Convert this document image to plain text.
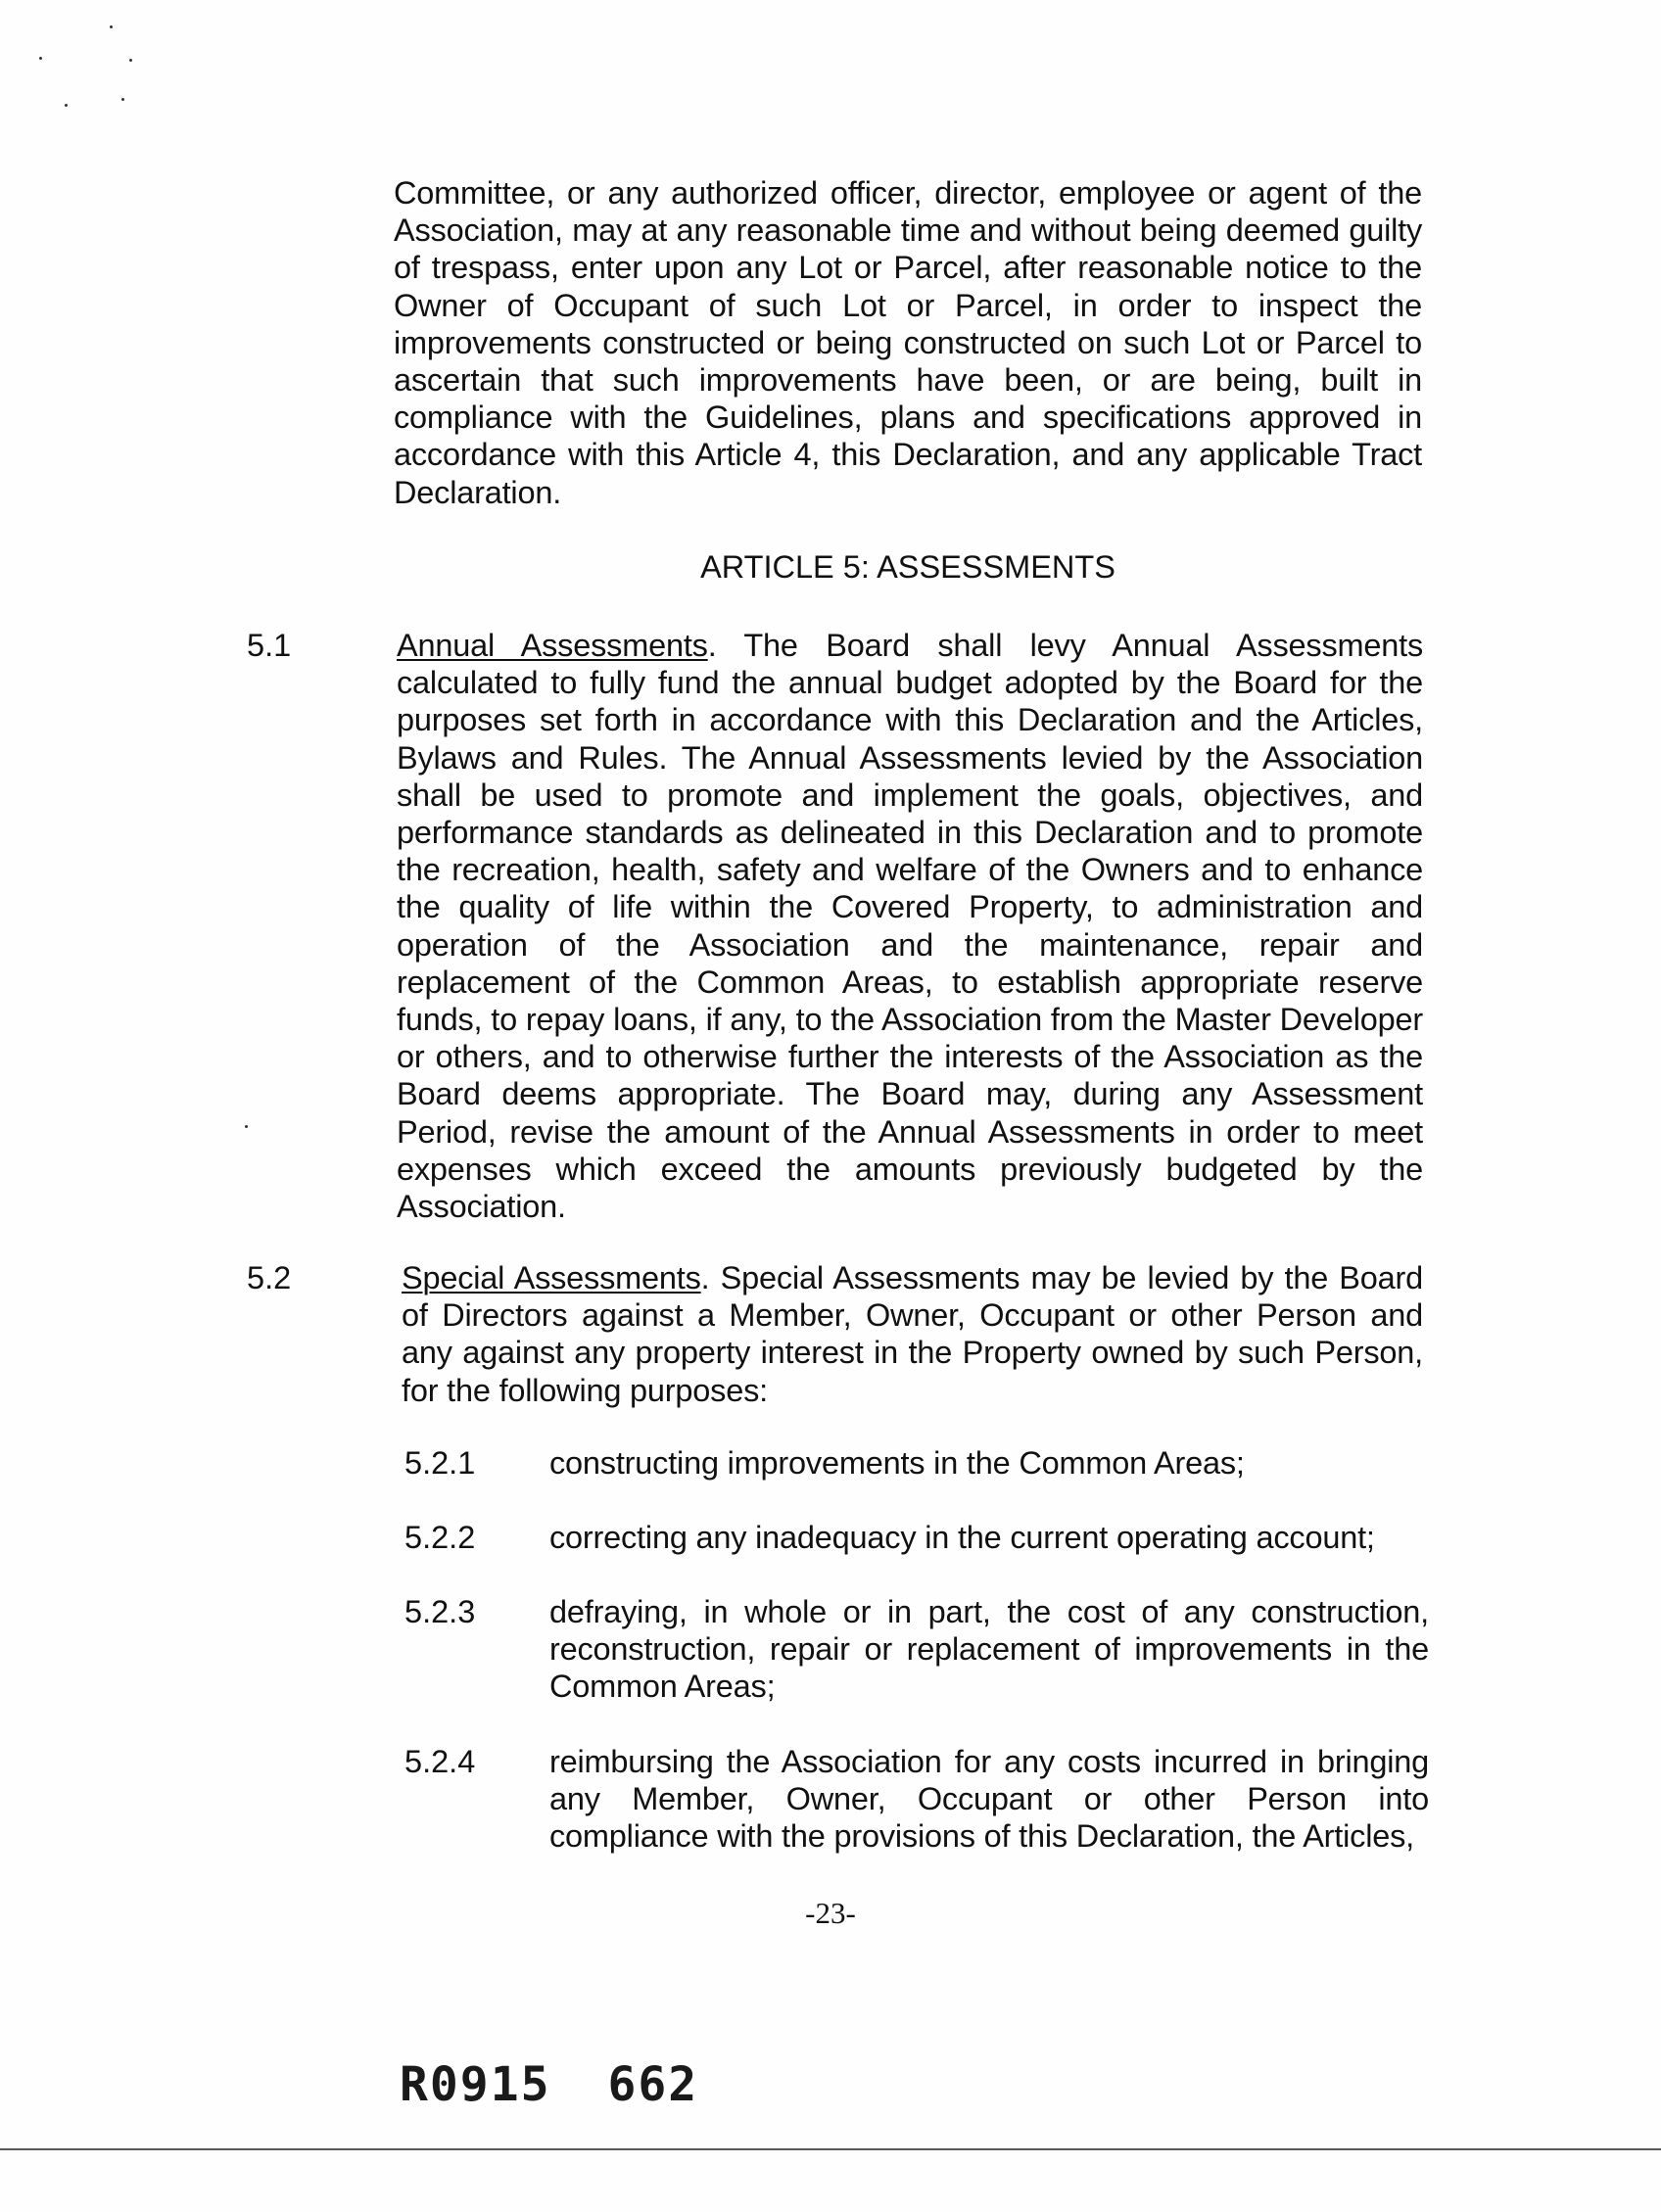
Committee, or any authorized officer, director, employee or agent of the Association, may at any reasonable time and without being deemed guilty of trespass, enter upon any Lot or Parcel, after reasonable notice to the Owner of Occupant of such Lot or Parcel, in order to inspect the improvements constructed or being constructed on such Lot or Parcel to ascertain that such improvements have been, or are being, built in compliance with the Guidelines, plans and specifications approved in accordance with this Article 4, this Declaration, and any applicable Tract Declaration.

ARTICLE 5: ASSESSMENTS
5.1	Annual Assessments. The Board shall levy Annual Assessments calculated to fully fund the annual budget adopted by the Board for the purposes set forth in accordance with this Declaration and the Articles, Bylaws and Rules. The Annual Assessments levied by the Association shall be used to promote and implement the goals, objectives, and performance standards as delineated in this Declaration and to promote the recreation, health, safety and welfare of the Owners and to enhance the quality of life within the Covered Property, to administration and operation of the Association and the maintenance, repair and replacement of the Common Areas, to establish appropriate reserve funds, to repay loans, if any, to the Association from the Master Developer or others, and to otherwise further the interests of the Association as the Board deems appropriate. The Board may, during any Assessment Period, revise the amount of the Annual Assessments in order to meet expenses which exceed the amounts previously budgeted by the Association.

5.2	Special Assessments. Special Assessments may be levied by the Board of Directors against a Member, Owner, Occupant or other Person and any against any property interest in the Property owned by such Person, for the following purposes:

5.2.1 constructing improvements in the Common Areas;

5.2.2 correcting any inadequacy in the current operating account;

5.2.3 defraying, in whole or in part, the cost of any construction, reconstruction, repair or replacement of improvements in the Common Areas;

5.2.4 reimbursing the Association for any costs incurred in bringing any Member, Owner, Occupant or other Person into compliance with the provisions of this Declaration, the Articles,

-23-
R0915 662
